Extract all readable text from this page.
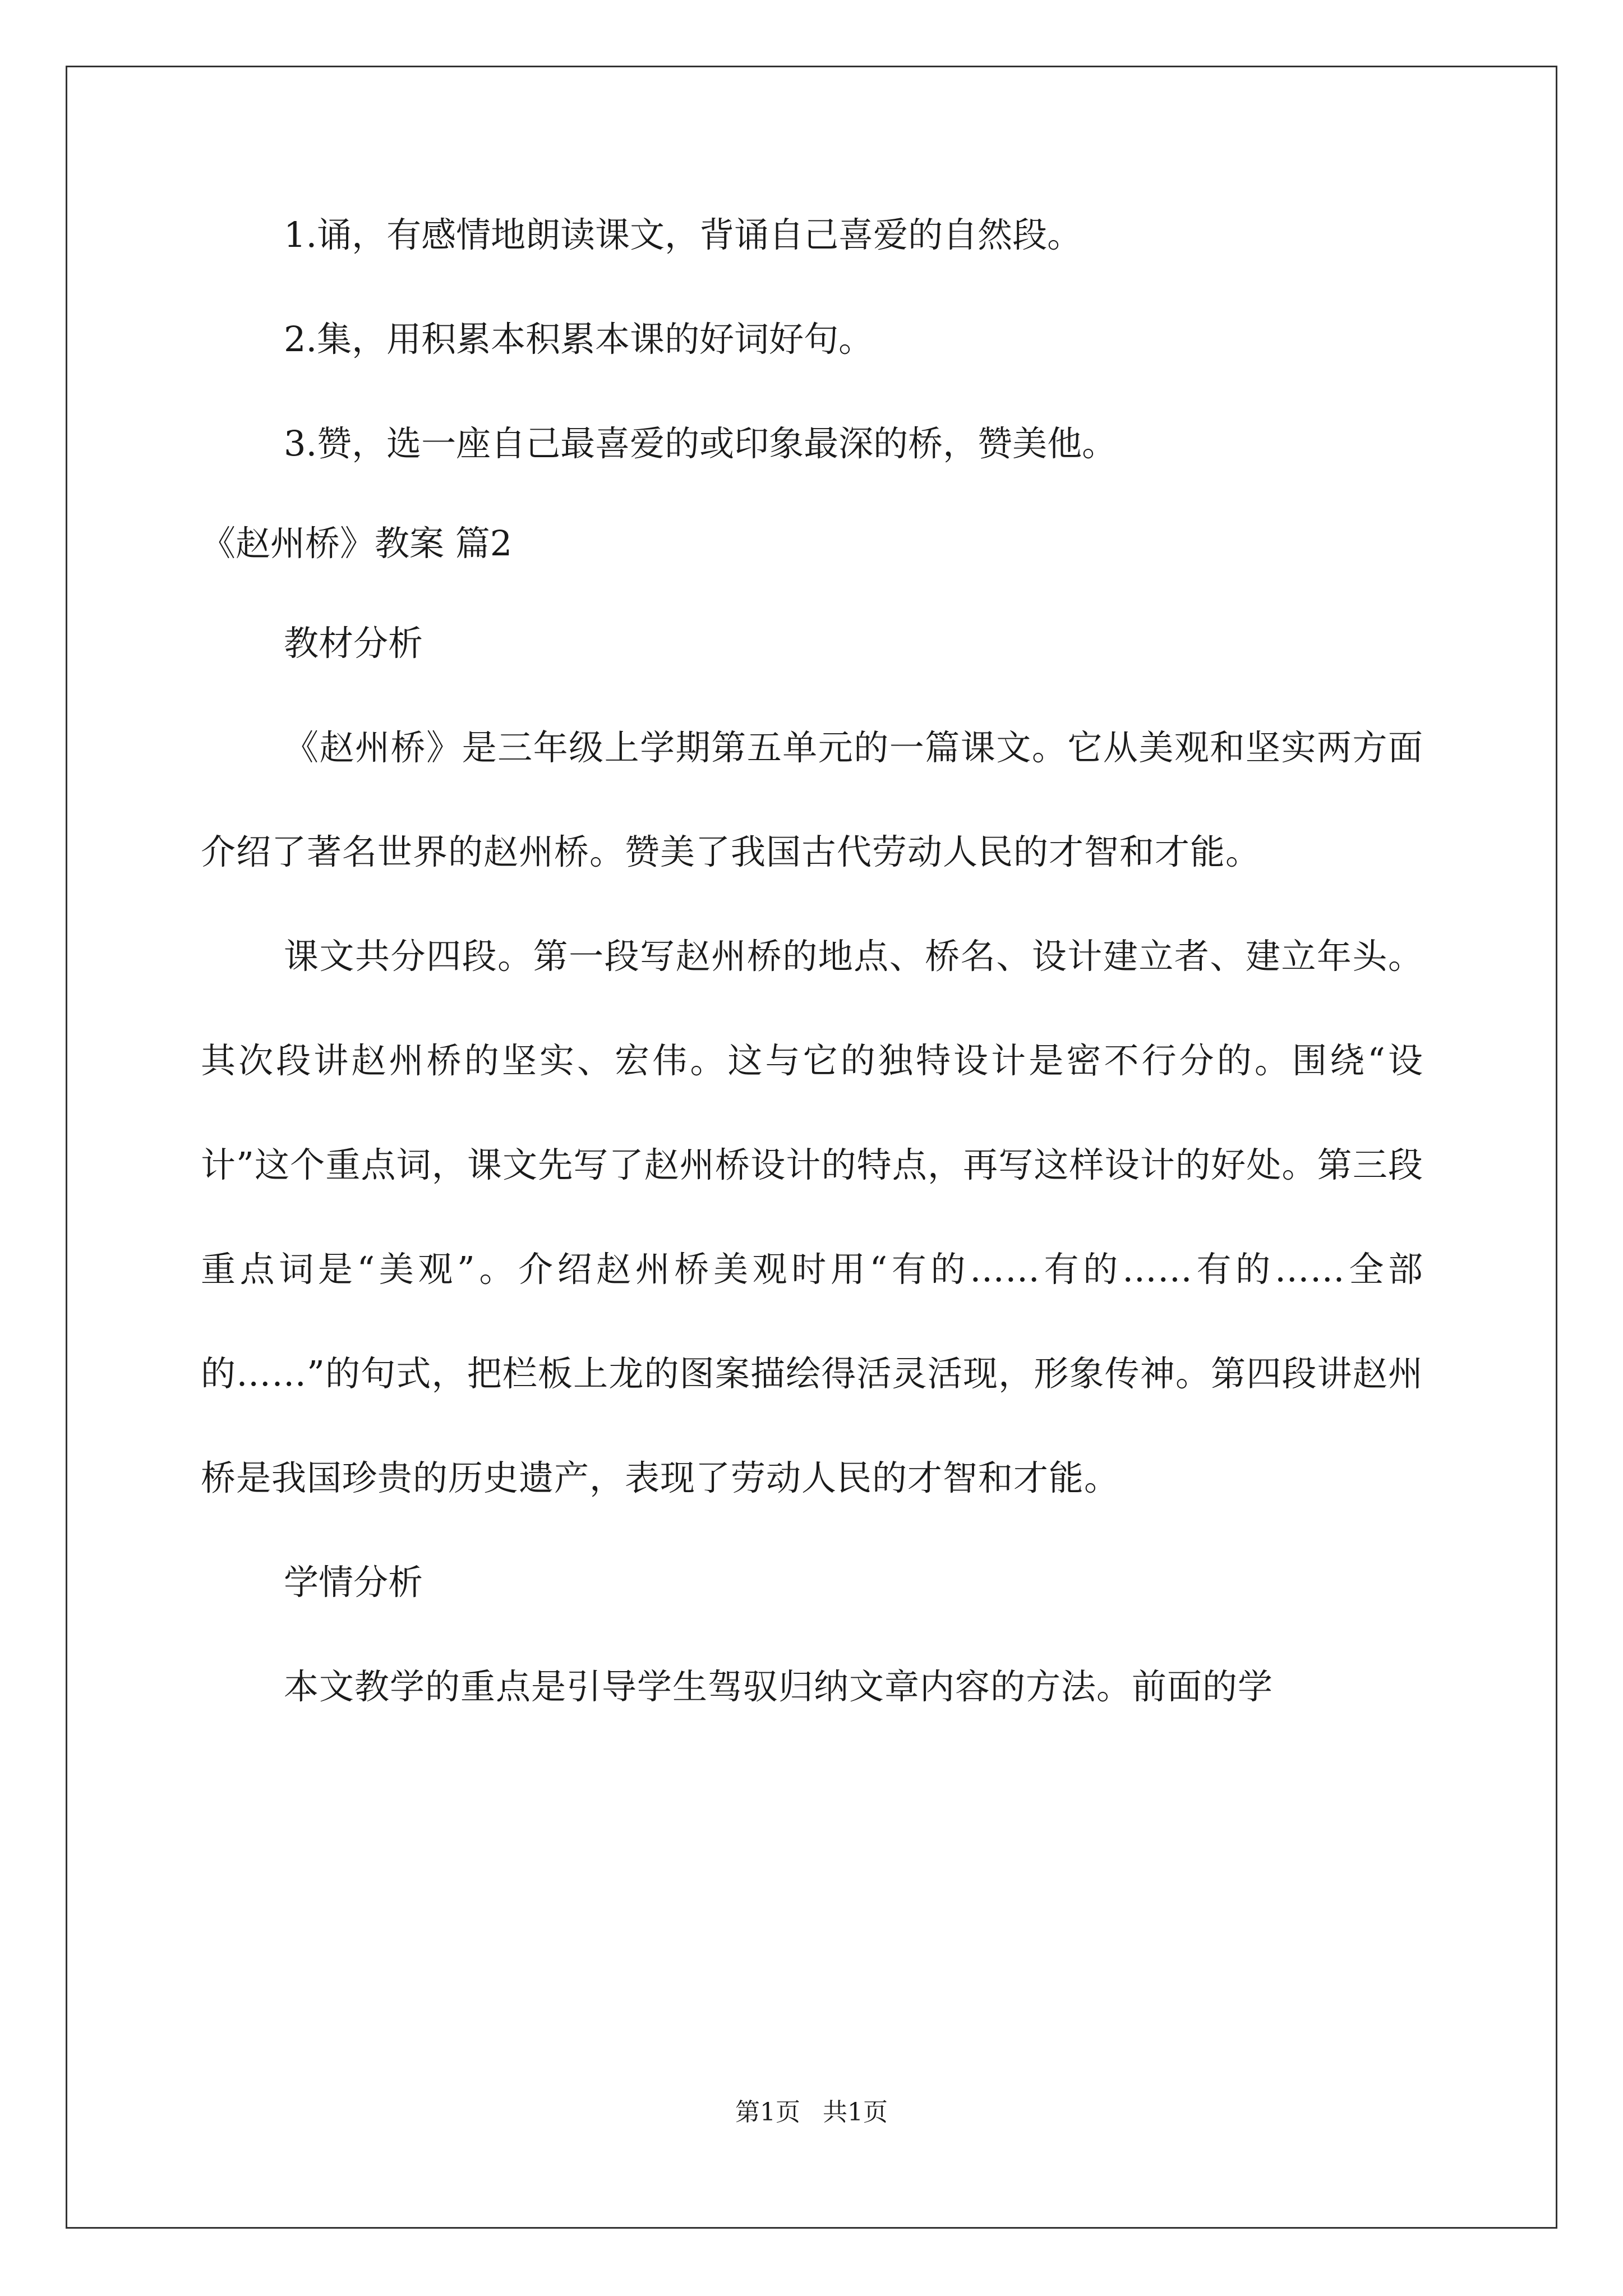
1.诵，有感情地朗读课文，背诵自己喜爱的自然段。
2.集，用积累本积累本课的好词好句。
3.赞，选一座自己最喜爱的或印象最深的桥，赞美他。
《赵州桥》教案 篇2
教材分析

《赵州桥》是三年级上学期第五单元的一篇课文。它从美观和坚实两方面介绍了著名世界的赵州桥。赞美了我国古代劳动人民的才智和才能。

课文共分四段。第一段写赵州桥的地点、桥名、设计建立者、建立年头。其次段讲赵州桥的坚实、宏伟。这与它的独特设计是密不行分的。围绕“设计”这个重点词，课文先写了赵州桥设计的特点，再写这样设计的好处。第三段重点词是“美观”。介绍赵州桥美观时用“有的……有的……有的……全部的……”的句式，把栏板上龙的图案描绘得活灵活现，形象传神。第四段讲赵州桥是我国珍贵的历史遗产，表现了劳动人民的才智和才能。

学情分析

本文教学的重点是引导学生驾驭归纳文章内容的方法。前面的学

第1页 共1页
